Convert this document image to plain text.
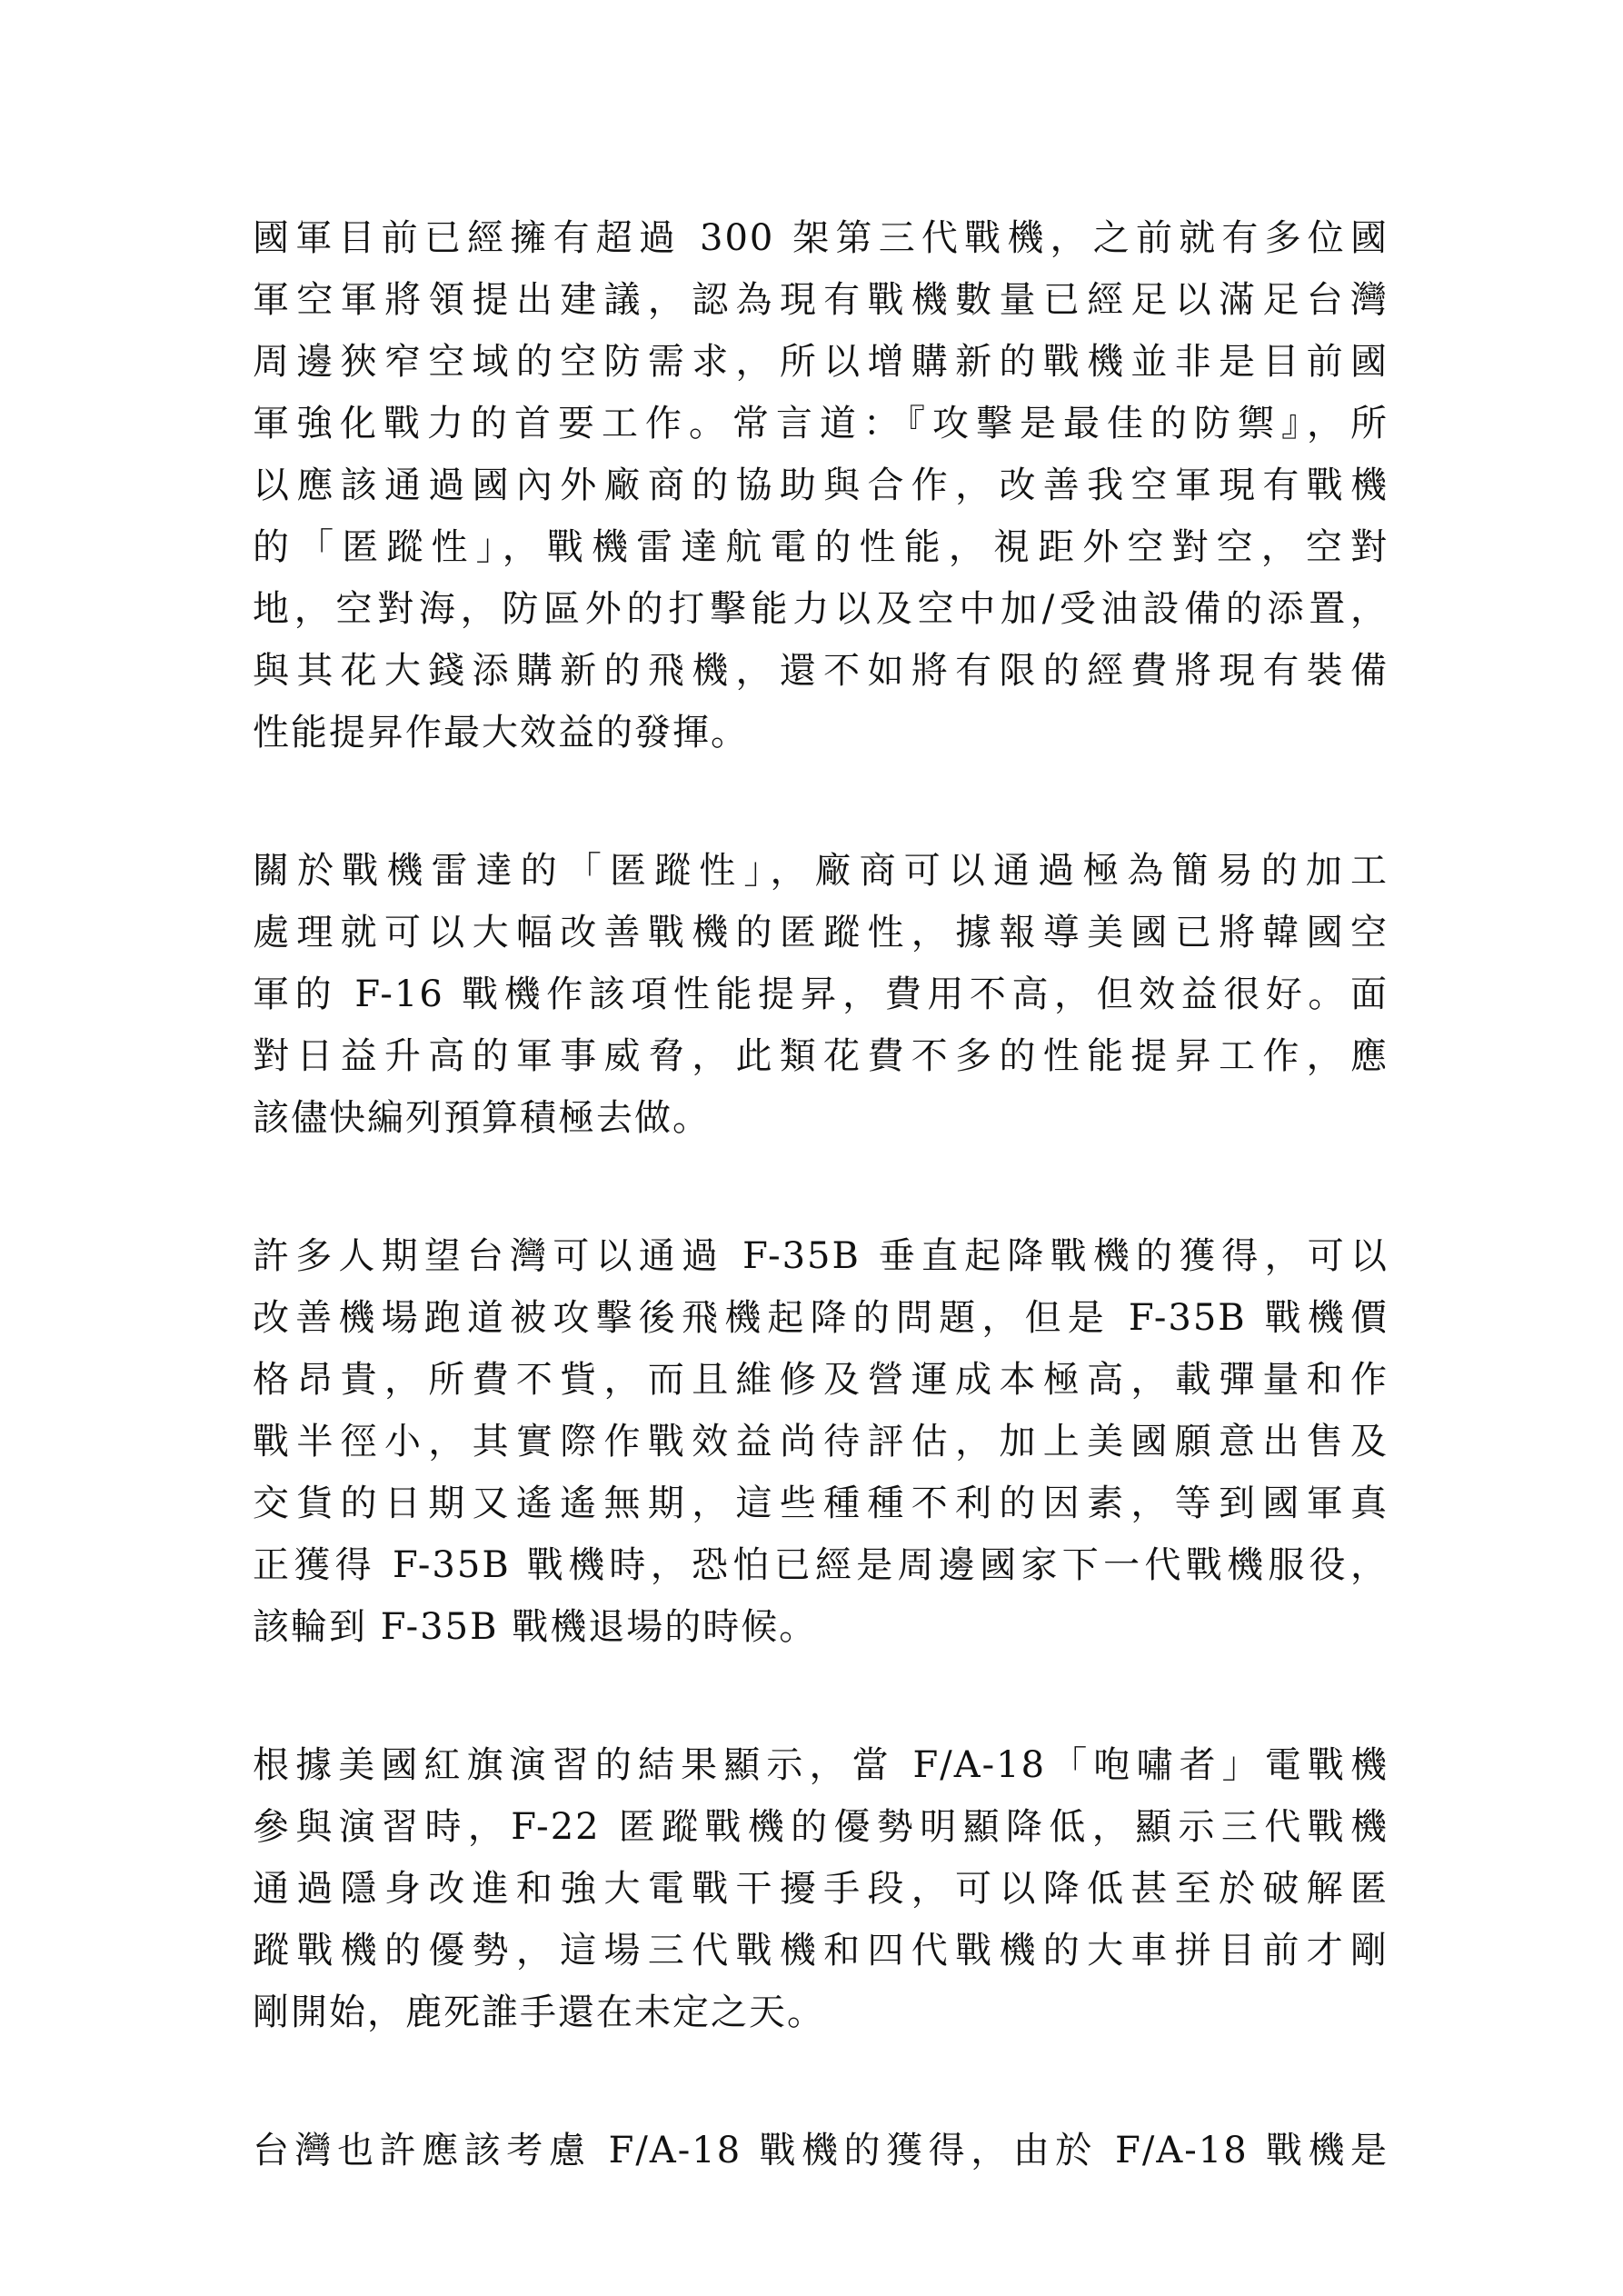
國軍目前已經擁有超過 300 架第三代戰機，之前就有多位國
軍空軍將領提出建議，認為現有戰機數量已經足以滿足台灣
周邊狹窄空域的空防需求，所以增購新的戰機並非是目前國
軍強化戰力的首要工作。常言道：『攻擊是最佳的防禦』，所
以應該通過國內外廠商的協助與合作，改善我空軍現有戰機
的「匿蹤性」，戰機雷達航電的性能，視距外空對空，空對
地，空對海，防區外的打擊能力以及空中加/受油設備的添置，
與其花大錢添購新的飛機，還不如將有限的經費將現有裝備
性能提昇作最大效益的發揮。
關於戰機雷達的「匿蹤性」，廠商可以通過極為簡易的加工
處理就可以大幅改善戰機的匿蹤性，據報導美國已將韓國空
軍的 F-16 戰機作該項性能提昇，費用不高，但效益很好。面
對日益升高的軍事威脅，此類花費不多的性能提昇工作，應
該儘快編列預算積極去做。
許多人期望台灣可以通過 F-35B 垂直起降戰機的獲得，可以
改善機場跑道被攻擊後飛機起降的問題，但是 F-35B 戰機價
格昂貴，所費不貲，而且維修及營運成本極高，載彈量和作
戰半徑小，其實際作戰效益尚待評估，加上美國願意出售及
交貨的日期又遙遙無期，這些種種不利的因素，等到國軍真
正獲得 F-35B 戰機時，恐怕已經是周邊國家下一代戰機服役，
該輪到 F-35B 戰機退場的時候。
根據美國紅旗演習的結果顯示，當 F/A-18「咆嘯者」電戰機
參與演習時，F-22 匿蹤戰機的優勢明顯降低，顯示三代戰機
通過隱身改進和強大電戰干擾手段，可以降低甚至於破解匿
蹤戰機的優勢，這場三代戰機和四代戰機的大車拼目前才剛
剛開始，鹿死誰手還在未定之天。
台灣也許應該考慮 F/A-18 戰機的獲得，由於 F/A-18 戰機是
